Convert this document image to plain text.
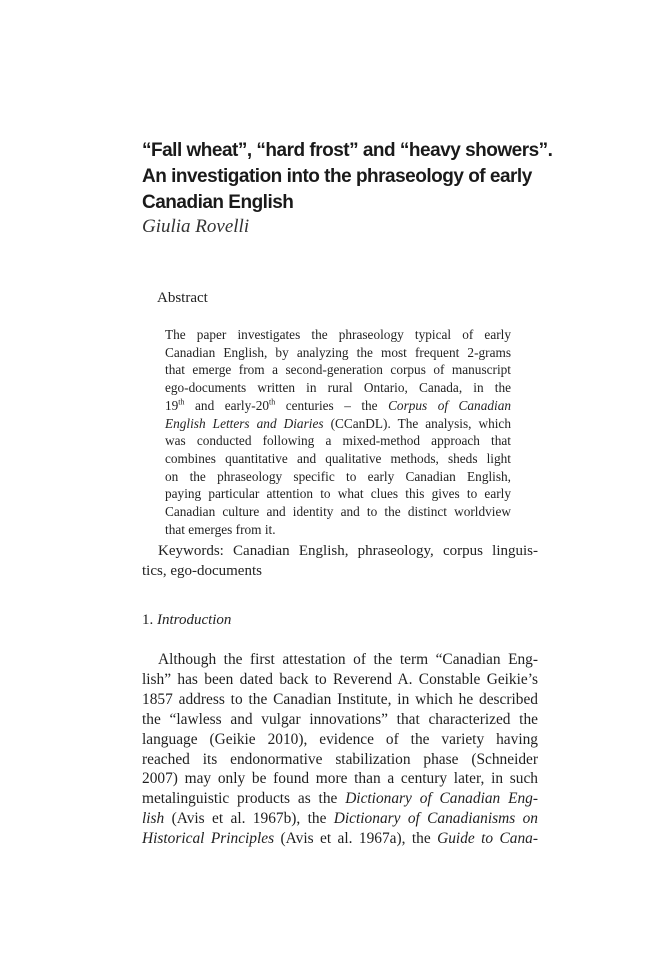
“Fall wheat”, “hard frost” and “heavy showers”.
An investigation into the phraseology of early
Canadian English
Giulia Rovelli
Abstract
The paper investigates the phraseology typical of early
Canadian English, by analyzing the most frequent 2-grams
that emerge from a second-generation corpus of manuscript
ego-documents written in rural Ontario, Canada, in the
19th and early-20th centuries – the Corpus of Canadian
English Letters and Diaries (CCanDL). The analysis, which
was conducted following a mixed-method approach that
combines quantitative and qualitative methods, sheds light
on the phraseology specific to early Canadian English,
paying particular attention to what clues this gives to early
Canadian culture and identity and to the distinct worldview
that emerges from it.
Keywords: Canadian English, phraseology, corpus linguis-
tics, ego-documents
1. Introduction
Although the first attestation of the term “Canadian Eng-
lish” has been dated back to Reverend A. Constable Geikie’s
1857 address to the Canadian Institute, in which he described
the “lawless and vulgar innovations” that characterized the
language (Geikie 2010), evidence of the variety having
reached its endonormative stabilization phase (Schneider
2007) may only be found more than a century later, in such
metalinguistic products as the Dictionary of Canadian Eng-
lish (Avis et al. 1967b), the Dictionary of Canadianisms on
Historical Principles (Avis et al. 1967a), the Guide to Cana-
